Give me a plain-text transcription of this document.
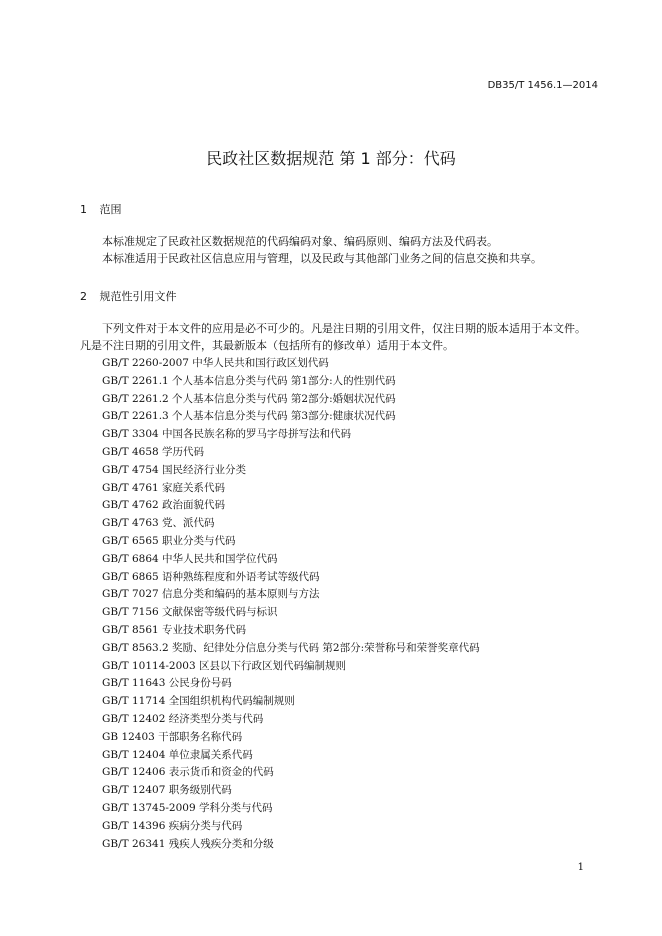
DB35/T 1456.1—2014
民政社区数据规范 第 1 部分：代码
1 范围
本标准规定了民政社区数据规范的代码编码对象、编码原则、编码方法及代码表。
本标准适用于民政社区信息应用与管理，以及民政与其他部门业务之间的信息交换和共享。
2 规范性引用文件
下列文件对于本文件的应用是必不可少的。凡是注日期的引用文件，仅注日期的版本适用于本文件。凡是不注日期的引用文件，其最新版本（包括所有的修改单）适用于本文件。
GB/T 2260-2007 中华人民共和国行政区划代码
GB/T 2261.1 个人基本信息分类与代码 第1部分:人的性别代码
GB/T 2261.2 个人基本信息分类与代码 第2部分:婚姻状况代码
GB/T 2261.3 个人基本信息分类与代码 第3部分:健康状况代码
GB/T 3304 中国各民族名称的罗马字母拼写法和代码
GB/T 4658 学历代码
GB/T 4754 国民经济行业分类
GB/T 4761 家庭关系代码
GB/T 4762 政治面貌代码
GB/T 4763 党、派代码
GB/T 6565 职业分类与代码
GB/T 6864 中华人民共和国学位代码
GB/T 6865 语种熟练程度和外语考试等级代码
GB/T 7027 信息分类和编码的基本原则与方法
GB/T 7156 文献保密等级代码与标识
GB/T 8561 专业技术职务代码
GB/T 8563.2 奖励、纪律处分信息分类与代码 第2部分:荣誉称号和荣誉奖章代码
GB/T 10114-2003 区县以下行政区划代码编制规则
GB/T 11643 公民身份号码
GB/T 11714 全国组织机构代码编制规则
GB/T 12402 经济类型分类与代码
GB 12403 干部职务名称代码
GB/T 12404 单位隶属关系代码
GB/T 12406 表示货币和资金的代码
GB/T 12407 职务级别代码
GB/T 13745-2009 学科分类与代码
GB/T 14396 疾病分类与代码
GB/T 26341 残疾人残疾分类和分级
1
